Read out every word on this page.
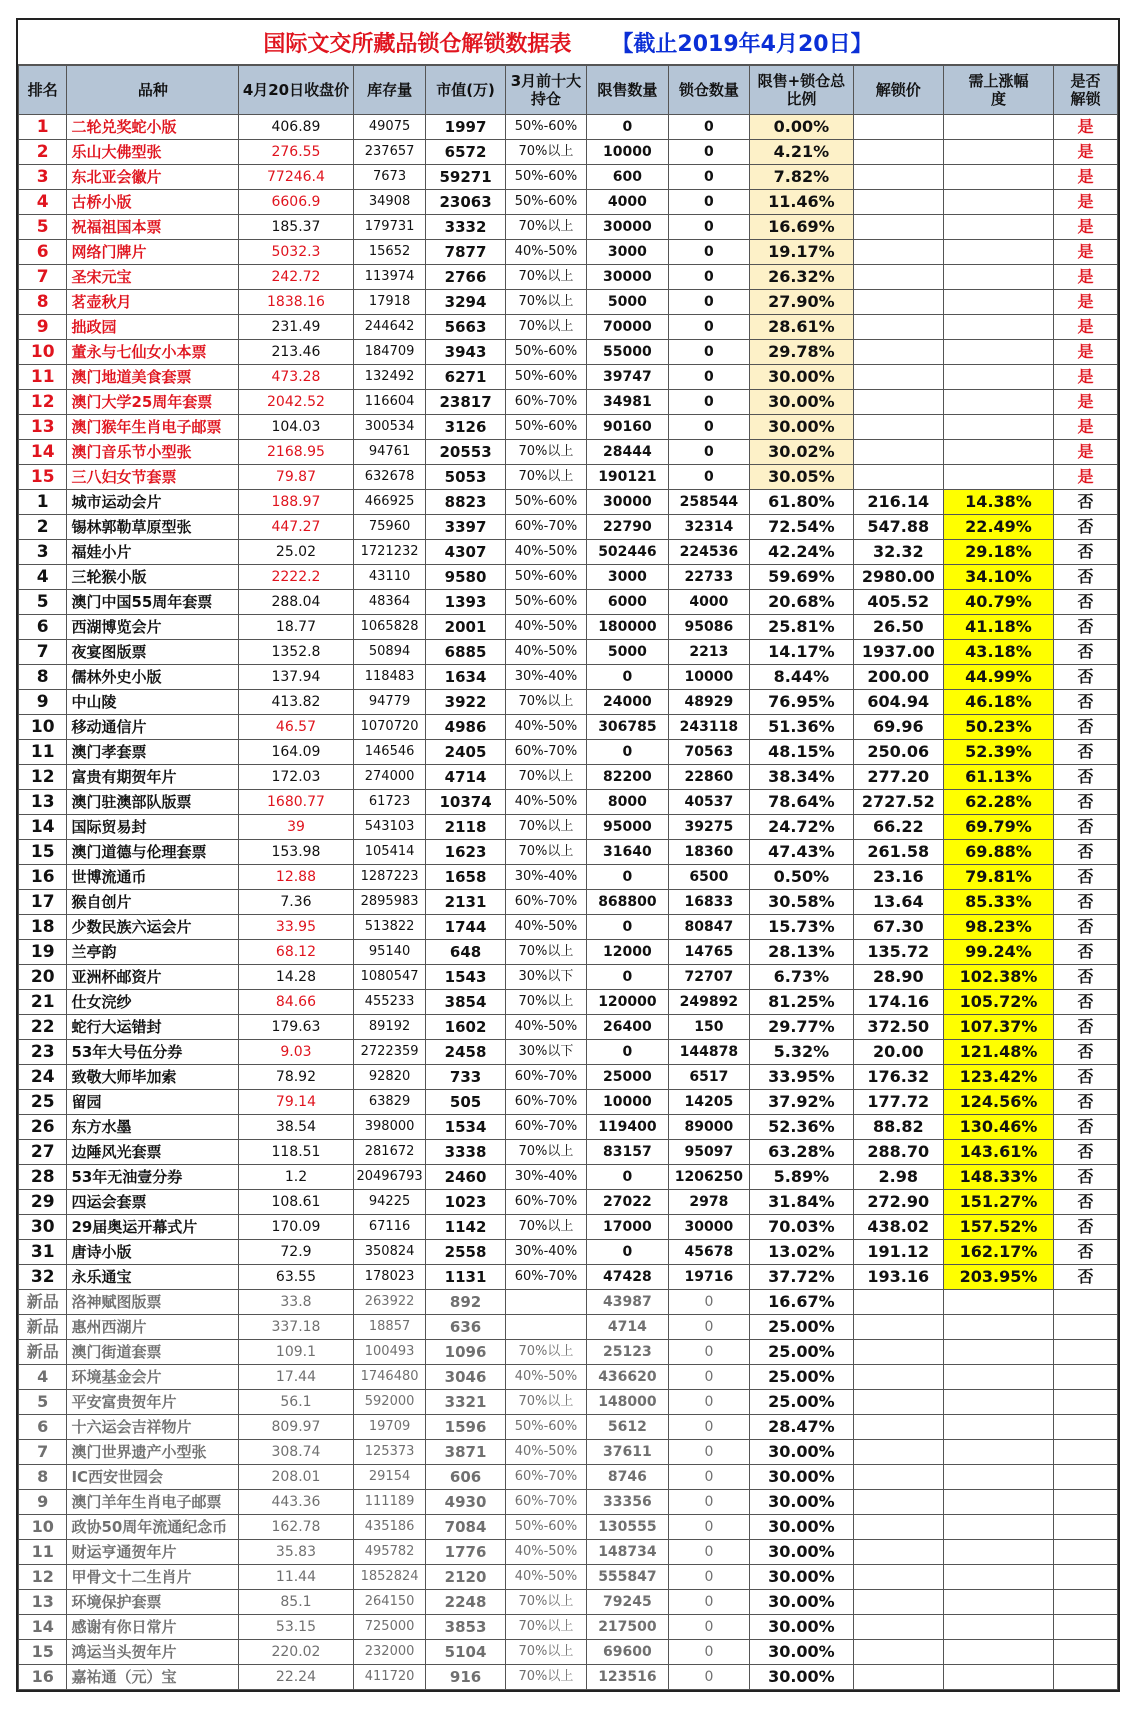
国际文交所藏品锁仓解锁数据表 【截止2019年4月20日】
排名	品种	4月20日收盘价	库存量	市值(万)	3月前十大持仓	限售数量	锁仓数量	限售+锁仓总比例	解锁价	需上涨幅度	是否解锁
1	二轮兑奖蛇小版	406.89	49075	1997	50%-60%	0	0	0.00%			是
2	乐山大佛型张	276.55	237657	6572	70%以上	10000	0	4.21%			是
3	东北亚会徽片	77246.4	7673	59271	50%-60%	600	0	7.82%			是
4	古桥小版	6606.9	34908	23063	50%-60%	4000	0	11.46%			是
5	祝福祖国本票	185.37	179731	3332	70%以上	30000	0	16.69%			是
6	网络门牌片	5032.3	15652	7877	40%-50%	3000	0	19.17%			是
7	圣宋元宝	242.72	113974	2766	70%以上	30000	0	26.32%			是
8	茗壶秋月	1838.16	17918	3294	70%以上	5000	0	27.90%			是
9	拙政园	231.49	244642	5663	70%以上	70000	0	28.61%			是
10	董永与七仙女小本票	213.46	184709	3943	50%-60%	55000	0	29.78%			是
11	澳门地道美食套票	473.28	132492	6271	50%-60%	39747	0	30.00%			是
12	澳门大学25周年套票	2042.52	116604	23817	60%-70%	34981	0	30.00%			是
13	澳门猴年生肖电子邮票	104.03	300534	3126	50%-60%	90160	0	30.00%			是
14	澳门音乐节小型张	2168.95	94761	20553	70%以上	28444	0	30.02%			是
15	三八妇女节套票	79.87	632678	5053	70%以上	190121	0	30.05%			是
1	城市运动会片	188.97	466925	8823	50%-60%	30000	258544	61.80%	216.14	14.38%	否
2	锡林郭勒草原型张	447.27	75960	3397	60%-70%	22790	32314	72.54%	547.88	22.49%	否
3	福娃小片	25.02	1721232	4307	40%-50%	502446	224536	42.24%	32.32	29.18%	否
4	三轮猴小版	2222.2	43110	9580	50%-60%	3000	22733	59.69%	2980.00	34.10%	否
5	澳门中国55周年套票	288.04	48364	1393	50%-60%	6000	4000	20.68%	405.52	40.79%	否
6	西湖博览会片	18.77	1065828	2001	40%-50%	180000	95086	25.81%	26.50	41.18%	否
7	夜宴图版票	1352.8	50894	6885	40%-50%	5000	2213	14.17%	1937.00	43.18%	否
8	儒林外史小版	137.94	118483	1634	30%-40%	0	10000	8.44%	200.00	44.99%	否
9	中山陵	413.82	94779	3922	70%以上	24000	48929	76.95%	604.94	46.18%	否
10	移动通信片	46.57	1070720	4986	40%-50%	306785	243118	51.36%	69.96	50.23%	否
11	澳门孝套票	164.09	146546	2405	60%-70%	0	70563	48.15%	250.06	52.39%	否
12	富贵有期贺年片	172.03	274000	4714	70%以上	82200	22860	38.34%	277.20	61.13%	否
13	澳门驻澳部队版票	1680.77	61723	10374	40%-50%	8000	40537	78.64%	2727.52	62.28%	否
14	国际贸易封	39	543103	2118	70%以上	95000	39275	24.72%	66.22	69.79%	否
15	澳门道德与伦理套票	153.98	105414	1623	70%以上	31640	18360	47.43%	261.58	69.88%	否
16	世博流通币	12.88	1287223	1658	30%-40%	0	6500	0.50%	23.16	79.81%	否
17	猴自创片	7.36	2895983	2131	60%-70%	868800	16833	30.58%	13.64	85.33%	否
18	少数民族六运会片	33.95	513822	1744	40%-50%	0	80847	15.73%	67.30	98.23%	否
19	兰亭韵	68.12	95140	648	70%以上	12000	14765	28.13%	135.72	99.24%	否
20	亚洲杯邮资片	14.28	1080547	1543	30%以下	0	72707	6.73%	28.90	102.38%	否
21	仕女浣纱	84.66	455233	3854	70%以上	120000	249892	81.25%	174.16	105.72%	否
22	蛇行大运错封	179.63	89192	1602	40%-50%	26400	150	29.77%	372.50	107.37%	否
23	53年大号伍分券	9.03	2722359	2458	30%以下	0	144878	5.32%	20.00	121.48%	否
24	致敬大师毕加索	78.92	92820	733	60%-70%	25000	6517	33.95%	176.32	123.42%	否
25	留园	79.14	63829	505	60%-70%	10000	14205	37.92%	177.72	124.56%	否
26	东方水墨	38.54	398000	1534	60%-70%	119400	89000	52.36%	88.82	130.46%	否
27	边陲风光套票	118.51	281672	3338	70%以上	83157	95097	63.28%	288.70	143.61%	否
28	53年无油壹分券	1.2	20496793	2460	30%-40%	0	1206250	5.89%	2.98	148.33%	否
29	四运会套票	108.61	94225	1023	60%-70%	27022	2978	31.84%	272.90	151.27%	否
30	29届奥运开幕式片	170.09	67116	1142	70%以上	17000	30000	70.03%	438.02	157.52%	否
31	唐诗小版	72.9	350824	2558	30%-40%	0	45678	13.02%	191.12	162.17%	否
32	永乐通宝	63.55	178023	1131	60%-70%	47428	19716	37.72%	193.16	203.95%	否
新品	洛神赋图版票	33.8	263922	892		43987	0	16.67%			
新品	惠州西湖片	337.18	18857	636		4714	0	25.00%			
新品	澳门街道套票	109.1	100493	1096	70%以上	25123	0	25.00%			
4	环境基金会片	17.44	1746480	3046	40%-50%	436620	0	25.00%			
5	平安富贵贺年片	56.1	592000	3321	70%以上	148000	0	25.00%			
6	十六运会吉祥物片	809.97	19709	1596	50%-60%	5612	0	28.47%			
7	澳门世界遗产小型张	308.74	125373	3871	40%-50%	37611	0	30.00%			
8	IC西安世园会	208.01	29154	606	60%-70%	8746	0	30.00%			
9	澳门羊年生肖电子邮票	443.36	111189	4930	60%-70%	33356	0	30.00%			
10	政协50周年流通纪念币	162.78	435186	7084	50%-60%	130555	0	30.00%			
11	财运亨通贺年片	35.83	495782	1776	40%-50%	148734	0	30.00%			
12	甲骨文十二生肖片	11.44	1852824	2120	40%-50%	555847	0	30.00%			
13	环境保护套票	85.1	264150	2248	70%以上	79245	0	30.00%			
14	感谢有你日常片	53.15	725000	3853	70%以上	217500	0	30.00%			
15	鸿运当头贺年片	220.02	232000	5104	70%以上	69600	0	30.00%			
16	嘉祐通（元）宝	22.24	411720	916	70%以上	123516	0	30.00%			
